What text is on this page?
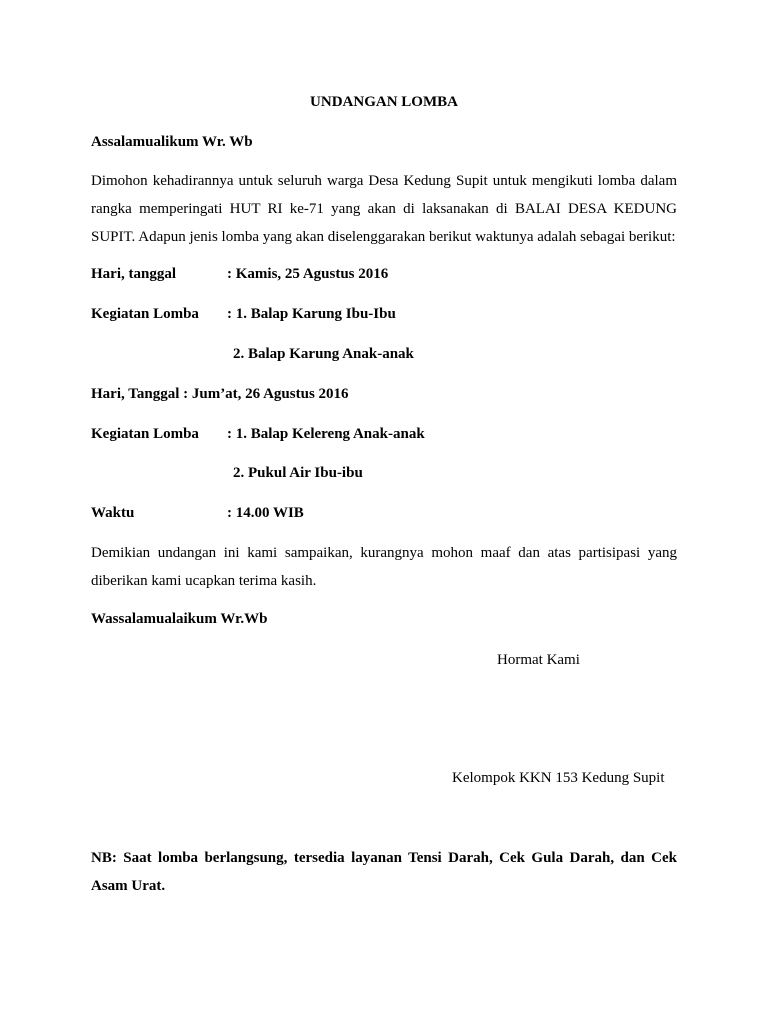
UNDANGAN LOMBA
Assalamualikum Wr. Wb
Dimohon kehadirannya untuk seluruh warga Desa Kedung Supit untuk mengikuti lomba dalam rangka memperingati HUT RI ke-71 yang akan di laksanakan di BALAI DESA KEDUNG SUPIT. Adapun jenis lomba yang akan diselenggarakan berikut waktunya adalah sebagai berikut:
Hari, tanggal	: Kamis, 25 Agustus 2016
Kegiatan Lomba : 1. Balap Karung Ibu-Ibu
2. Balap Karung Anak-anak
Hari, Tanggal : Jum’at, 26 Agustus 2016
Kegiatan Lomba : 1. Balap Kelereng Anak-anak
2. Pukul Air Ibu-ibu
Waktu	: 14.00 WIB
Demikian undangan ini kami sampaikan, kurangnya mohon maaf dan atas partisipasi yang diberikan kami ucapkan terima kasih.
Wassalamualaikum Wr.Wb
Hormat Kami
Kelompok KKN 153 Kedung Supit
NB: Saat lomba berlangsung, tersedia layanan Tensi Darah, Cek Gula Darah, dan Cek Asam Urat.
